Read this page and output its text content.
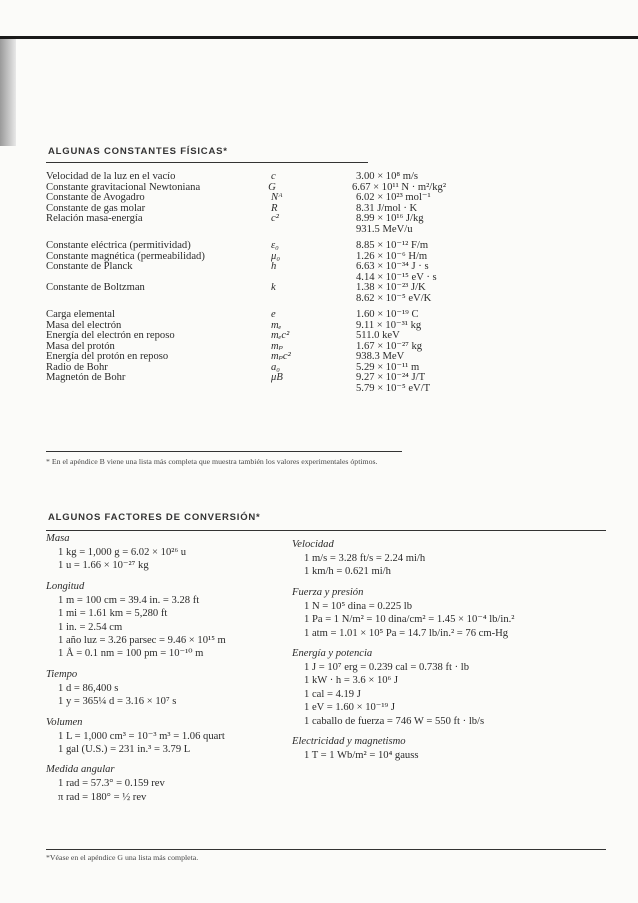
ALGUNAS CONSTANTES FÍSICAS*
Velocidad de la luz en el vacío	c	3.00 × 10⁸ m/s
Constante gravitacional Newtoniana	G	6.67 × 10¹¹ N · m²/kg²
Constante de Avogadro	Nᴬ	6.02 × 10²³ mol⁻¹
Constante de gas molar	R	8.31 J/mol · K
Relación masa-energía	c²	8.99 × 10¹⁶ J/kg
931.5 MeV/u
Constante eléctrica (permitividad)	ε₀	8.85 × 10⁻¹² F/m
Constante magnética (permeabilidad)	μ₀	1.26 × 10⁻⁶ H/m
Constante de Planck	h	6.63 × 10⁻³⁴ J · s
4.14 × 10⁻¹⁵ eV · s
Constante de Boltzman	k	1.38 × 10⁻²³ J/K
8.62 × 10⁻⁵ eV/K
Carga elemental	e	1.60 × 10⁻¹⁹ C
Masa del electrón	mₑ	9.11 × 10⁻³¹ kg
Energía del electrón en reposo	mₑc²	511.0 keV
Masa del protón	mₚ	1.67 × 10⁻²⁷ kg
Energía del protón en reposo	mₚc²	938.3 MeV
Radio de Bohr	a₀	5.29 × 10⁻¹¹ m
Magnetón de Bohr	μB	9.27 × 10⁻²⁴ J/T
5.79 × 10⁻⁵ eV/T
* En el apéndice B viene una lista más completa que muestra también los valores experimentales óptimos.
ALGUNOS FACTORES DE CONVERSIÓN*
Masa
1 kg = 1,000 g = 6.02 × 10²⁶ u
1 u = 1.66 × 10⁻²⁷ kg
Longitud
1 m = 100 cm = 39.4 in. = 3.28 ft
1 mi = 1.61 km = 5,280 ft
1 in. = 2.54 cm
1 año luz = 3.26 parsec = 9.46 × 10¹⁵ m
1 Å = 0.1 nm = 100 pm = 10⁻¹⁰ m
Tiempo
1 d = 86,400 s
1 y = 365¼ d = 3.16 × 10⁷ s
Volumen
1 L = 1,000 cm³ = 10⁻³ m³ = 1.06 quart
1 gal (U.S.) = 231 in.³ = 3.79 L
Medida angular
1 rad = 57.3° = 0.159 rev
π rad = 180° = ½ rev
Velocidad
1 m/s = 3.28 ft/s = 2.24 mi/h
1 km/h = 0.621 mi/h
Fuerza y presión
1 N = 10⁵ dina = 0.225 lb
1 Pa = 1 N/m² = 10 dina/cm² = 1.45 × 10⁻⁴ lb/in.²
1 atm = 1.01 × 10⁵ Pa = 14.7 lb/in.² = 76 cm-Hg
Energía y potencia
1 J = 10⁷ erg = 0.239 cal = 0.738 ft · lb
1 kW · h = 3.6 × 10⁶ J
1 cal = 4.19 J
1 eV = 1.60 × 10⁻¹⁹ J
1 caballo de fuerza = 746 W = 550 ft · lb/s
Electricidad y magnetismo
1 T = 1 Wb/m² = 10⁴ gauss
*Véase en el apéndice G una lista más completa.
